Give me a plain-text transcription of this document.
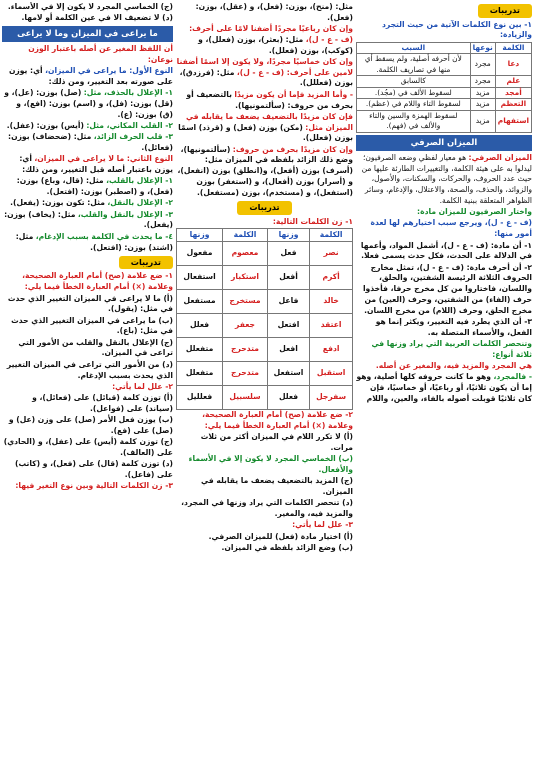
تدريبات

١- بين نوع الكلمات الآتية من حيث التجرد والزيادة:

الكلمة	نوعها	السبب
دعا	مجرد	لأن أحرفه أصلية، ولم يسقط أي منها في تصاريف الكلمة.
علم	مجرد	كالسابق
أمجد	مزيد	لسقوط الألف في (مجُد).
التعظم	مزيد	لسقوط التاء واللام في (عظم).
استفهام	مزيد	لسقوط الهمزة والسين والتاء والألف في (فهم).
الميزان الصرفي

الميزان الصرفي: هو معيار لفظي وضعه الصرفيون؛ ليدلوا به على هيئة الكلمة، والتغييرات الطارئة عليها من حيث عدد الحروف، والحركات، والسكنات، والأصول، والزوائد، والحذف، والصحة، والاعتلال، والإدغام، وسائر الظواهر المتعلقة ببنية الكلمة.

واختار الصرفيون للميزان مادة:

(ف - ع - ل)، ويرجع سبب اختيارهم لها لعدة أمور منها:

١- أن مادة: (ف - ع - ل)، أشمل المواد، وأعمها في الدلالة على الحدث، فكل حدث يسمى فعلا.

٢- أن أحرف مادة: (ف - ع - ل)، تمثل مخارج الحروف الثلاثة الرئيسة الشفتين، والحلق، واللسان، فاختاروا من كل مخرج حرفا، فأخذوا حرف (الفاء) من الشفتين، وحرف (العين) من مخرج الحلق، وحرف (اللام) من مخرج اللسان.

٣- أن الذي يطرد فيه التغيير، ويكثر إنما هو الفعل، والأسماء المتصلة به.

وتنحصر الكلمات العربية التي يراد وزنها في ثلاثة أنواع:

هي المجرد والمزيد فيه، والمغير عن أصله.

- فالمجرد، وهو ما كانت حروفه كلها أصلية، وهو إما أن يكون ثلاثيًا، أو رباعيًا، أو خماسيًا، فإن كان ثلاثيًا قوبلت أصوله بالفاء، والعين، واللام

مثل: (منح)، بوزن: (فعل)، و (عقل)، بوزن: (فعل).

وإن كان رباعيًا مجردًا أضفنا لامًا على أحرف: (ف - ع - ل)، مثل: (بعثر)، بوزن (فعلل)، و (كوكب)، بوزن (فعلل).

وإن كان خماسيًا مجردًا، ولا يكون إلا اسمًا أضفنا لامين على أحرف: (ف - ع - ل)، مثل: (فرزدق)، بوزن (فعللل).

- وأما المزيد فإما أن يكون مزيدًا بالتضعيف أو بحرف من حروف: (سألتمونيها).

فإن كان مزيدًا بالتضعيف يضعف ما يقابله في الميزان مثل: (مكن) بوزن (فعل) و (قرذد) اسمًا بوزن (فعلل).

وإن كان مزيدًا بحرف من حروف: (سألتمونيها)، وضع ذلك الزائد بلفظه في الميزان مثل: (أسرف) بوزن (أفعل)، و(انطلق) بوزن (انفعل)، و (أسرار) بوزن (أفعال)، و (استغفر) بوزن (استفعل)، و (مستخدم)، بوزن (مستفعل).

تدريبات

١- زن الكلمات التالية:

الكلمة	وزنها	الكلمة	وزنها
نصر	فعل	معصوم	مفعول
أكرم	أفعل	استكبار	استفعال
خالد	فاعل	مستخرج	مستفعل
اعتقد	افتعل	جعفر	فعلل
ادفع	افعل	متدحرج	متفعلل
استقبل	استفعل	متدحرج	متفعلل
سفرجل	فعلل	سلسبيل	فعلليل

٢- ضع علامة (صح) أمام العبارة الصحيحة، وعلامة (×) أمام العبارة الخطأ فيما يلي:

(أ) لا تكرر اللام في الميزان أكثر من ثلاث مرات.

(ب) الخماسي المجرد لا يكون إلا في الأسماء والأفعال.

(ج) المزيد بالتضعيف يضعف ما يقابله في الميزان.

(د) تنحصر الكلمات التي يراد وزنها في المجرد، والمزيد فيه، والمغير.

٣- علل لما يأتي:

(أ) اختيار مادة (فعل) للميزان الصرفي.

(ب) وضع الزائد بلفظه في الميزان.

(ج) الخماسي المجرد لا يكون إلا في الأسماء.

(د) لا تضعيف الا في عين الكلمة أو لامها.

ما يراعى في الميزان وما لا يراعى

أن اللفظ المغير عن أصله باعتبار الوزن نوعان:

النوع الأول: ما يراعى في الميزان، أي: يوزن على صورته بعد التغيير، ومن ذلك:

١- الإعلال بالحذف، مثل: (صل) بوزن: (عل)، و (قل) بوزن: (فل)، و (اسم) بوزن: (افع)، و (ق) بوزن: (ع).

٢- القلب المكاني، مثل: (أيس) بوزن: (عفل).

٣- قلب الحرف الزائد، مثل: (ضحضاف) بوزن: (فعائل).

النوع الثاني: ما لا يراعى في الميزان، أي: يوزن باعتبار أصله قبل التغيير، ومن ذلك:

١- الإعلال بالقلب، مثل: (قال، وباع) بوزن: (فعل)، و (اصطبر) بوزن: (افتعل).

٢- الإعلال بالنقل، مثل: تكون بوزن: (يفعل).

٣- الإعلال بالنقل والقلب، مثل: (يخاف) بوزن: (يفعل).

٤- ما يحدث في الكلمة بسبب الإدغام، مثل: (اشتد) بوزن: (افتعل).

تدريبات

١- ضع علامة (صح) أمام العبارة الصحيحة، وعلامة (×) أمام العبارة الخطأ فيما يلي:

(أ) ما لا يراعى في الميزان التغيير الذي حدث في مثل: (يقول).

(ب) ما يراعى في الميزان التغيير الذي حدث في مثل: (باع).

(ج) الإعلال بالنقل والقلب من الأمور التي تراعى في الميزان.

(د) من الأمور التي تراعى في الميزان التغيير الذي يحدث بسبب الإدغام.

٢- علل لما يأتي:

(أ) توزن كلمة (قبائل) على (فعائل)، و (سياند) على (فواعل).

(ب) يوزن فعل الأمر (صل) على وزن (عل) و (صل) على (فع).

(ج) توزن كلمة (أيس) على (عفل)، و (الحادي) على (العالف).

(د) توزن كلمة (قال) على (فعل)، و (كاتب) على (فاعل).

٣- زن الكلمات التالية وبين نوع التغير فيها:
